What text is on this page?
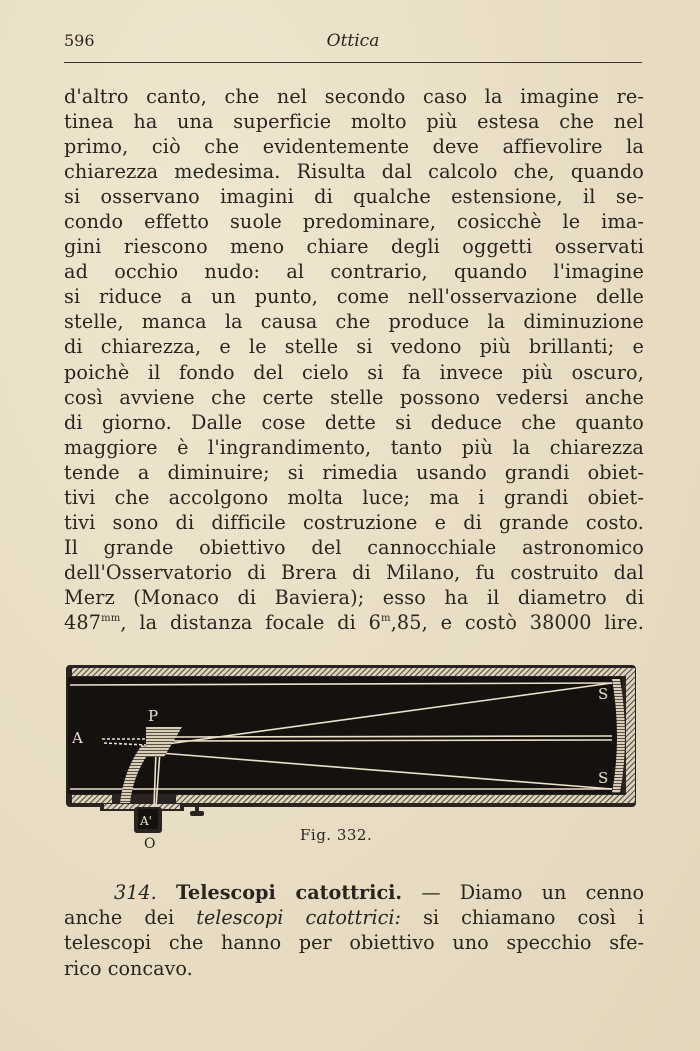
596	Ottica
d'altro canto, che nel secondo caso la imagine re-
tinea ha una superficie molto più estesa che nel
primo, ciò che evidentemente deve affievolire la
chiarezza medesima. Risulta dal calcolo che, quando
si osservano imagini di qualche estensione, il se-
condo effetto suole predominare, cosicchè le ima-
gini riescono meno chiare degli oggetti osservati
ad occhio nudo: al contrario, quando l'imagine
si riduce a un punto, come nell'osservazione delle
stelle, manca la causa che produce la diminuzione
di chiarezza, e le stelle si vedono più brillanti; e
poichè il fondo del cielo si fa invece più oscuro,
così avviene che certe stelle possono vedersi anche
di giorno. Dalle cose dette si deduce che quanto
maggiore è l'ingrandimento, tanto più la chiarezza
tende a diminuire; si rimedia usando grandi obiet-
tivi che accolgono molta luce; ma i grandi obiet-
tivi sono di difficile costruzione e di grande costo.
Il grande obiettivo del cannocchiale astronomico
dell'Osservatorio di Brera di Milano, fu costruito dal
Merz (Monaco di Baviera); esso ha il diametro di
$487^{mm}$, la distanza focale di 6$^m$,85, e costò 38000 lire.
P
A
A'
S
S
Fig. 332.
O
314. Telescopi catottrici. — Diamo un cenno
anche dei telescopi catottrici: si chiamano così i
telescopi che hanno per obiettivo uno specchio sfe-
rico concavo.
